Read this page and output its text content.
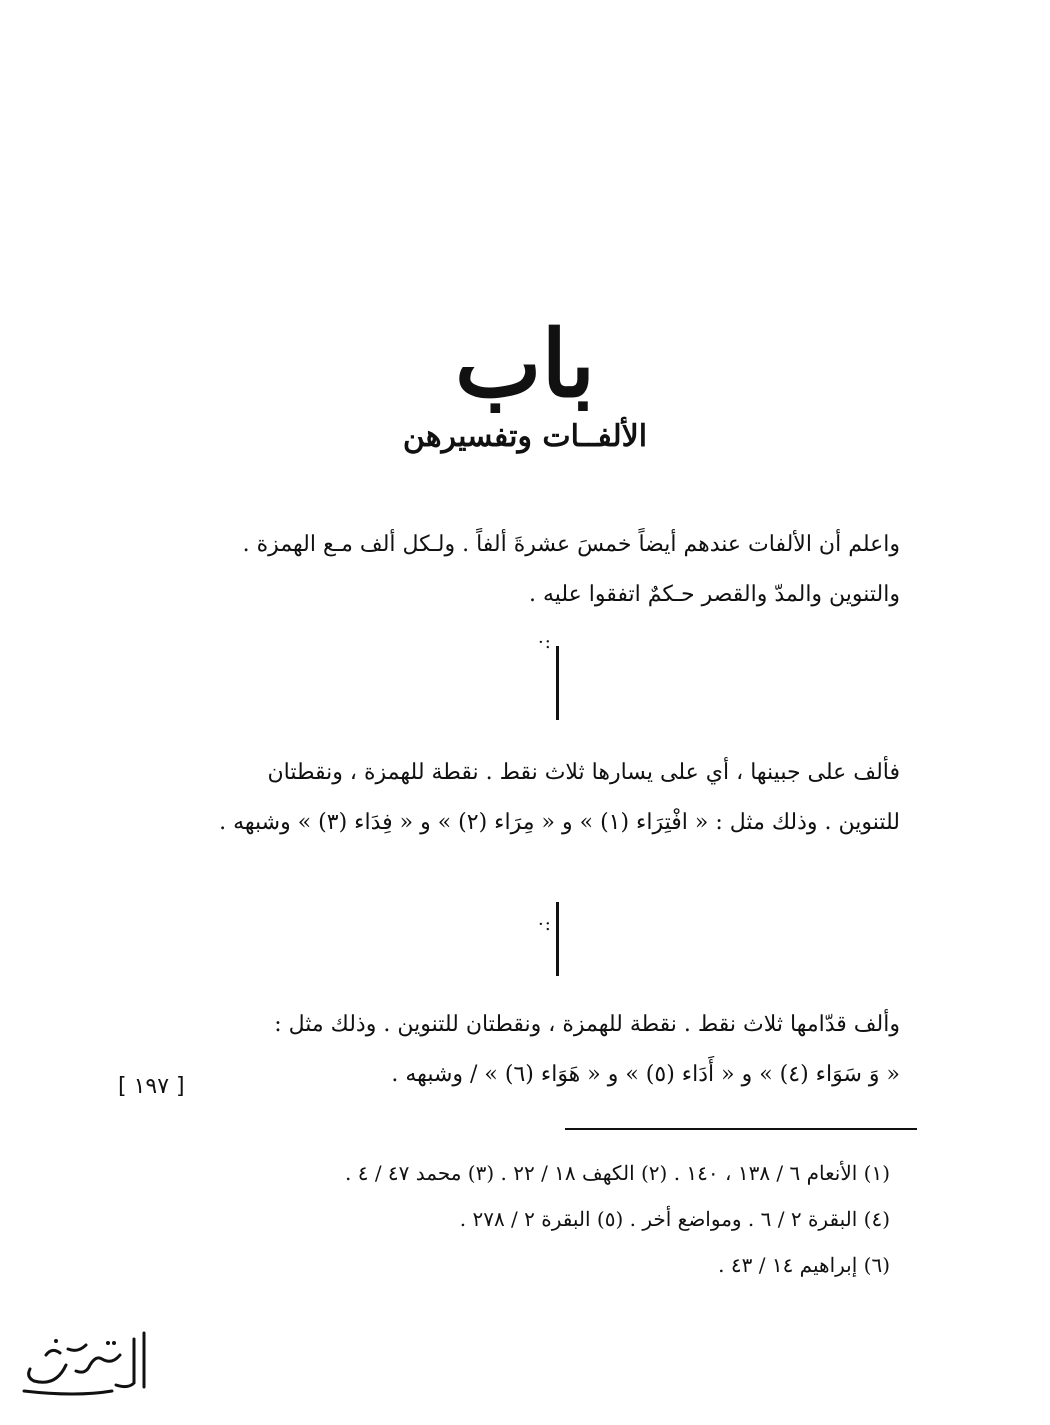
باب
الألفــات وتفسيرهن
واعلم أن الألفات عندهم أيضاً خمسَ عشرةَ ألفاً . ولـكل ألف مـع الهمزة .
والتنوين والمدّ والقصر حـكمٌ اتفقوا عليه .
·:
فألف على جبينها ، أي على يسارها ثلاث نقط . نقطة للهمزة ، ونقطتان
للتنوين . وذلك مثل : « افْتِرَاء (١) » و « مِرَاء (٢) » و « فِدَاء (٣) » وشبهه .
·:
وألف قدّامها ثلاث نقط . نقطة للهمزة ، ونقطتان للتنوين . وذلك مثل :
« وَ سَوَاء (٤) » و « أَدَاء (٥) » و « هَوَاء (٦) » / وشبهه .
[ ١٩٧ ]
(١) الأنعام ٦ / ١٣٨ ، ١٤٠ . (٢) الكهف ١٨ / ٢٢ . (٣) محمد ٤٧ / ٤ .
(٤) البقرة ٢ / ٦ . ومواضع أخر . (٥) البقرة ٢ / ٢٧٨ .
(٦) إبراهيم ١٤ / ٤٣ .
